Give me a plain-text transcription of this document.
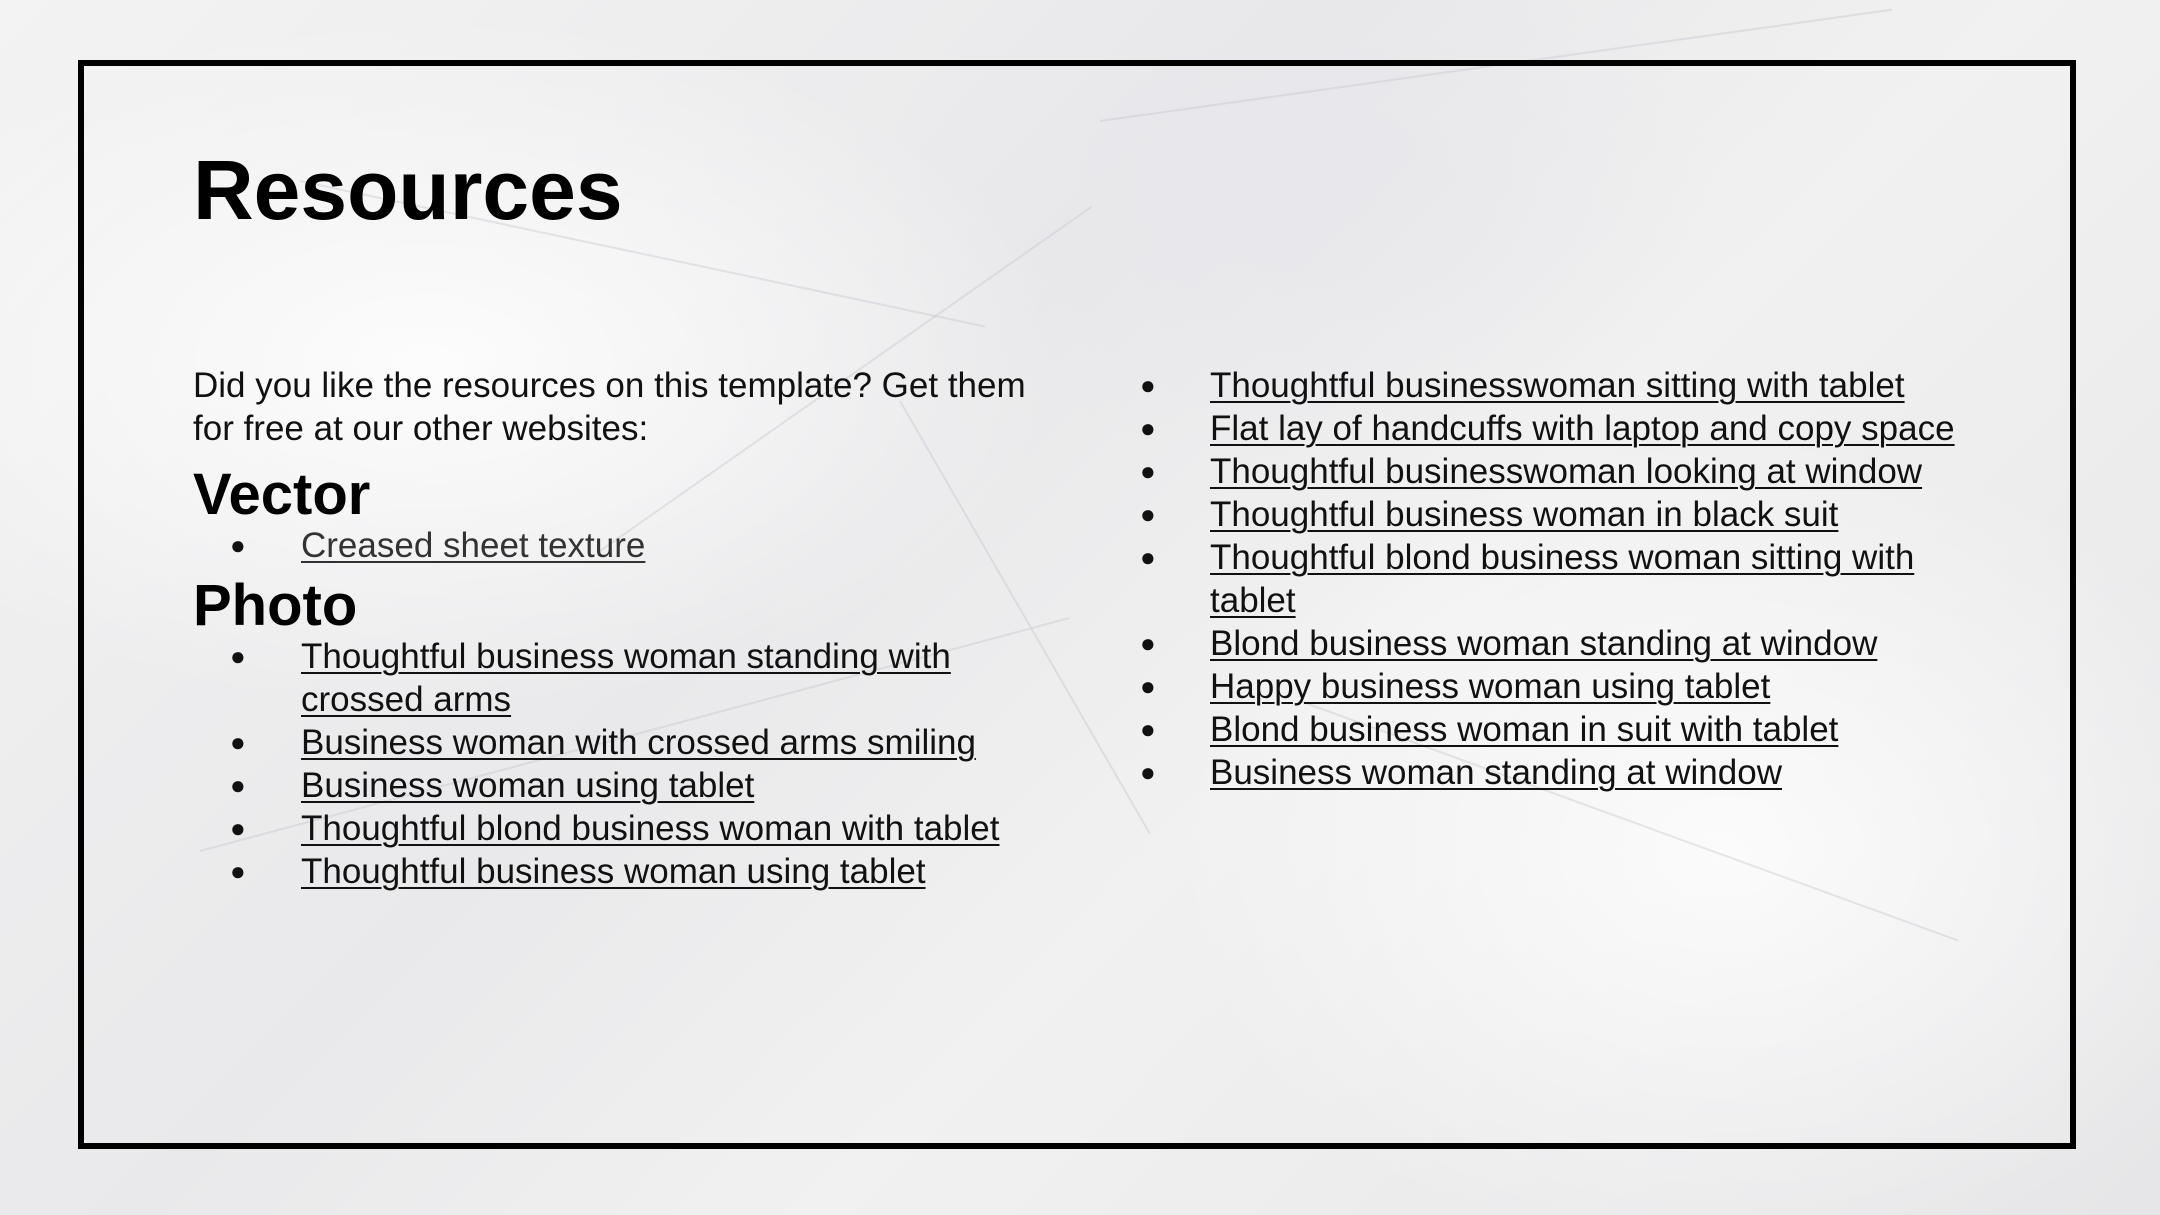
Resources

Did you like the resources on this template? Get them for free at our other websites:

Vector
● Creased sheet texture
Photo
● Thoughtful business woman standing with crossed arms
● Business woman with crossed arms smiling
● Business woman using tablet
● Thoughtful blond business woman with tablet
● Thoughtful business woman using tablet
● Thoughtful businesswoman sitting with tablet
● Flat lay of handcuffs with laptop and copy space
● Thoughtful businesswoman looking at window
● Thoughtful business woman in black suit
● Thoughtful blond business woman sitting with tablet
● Blond business woman standing at window
● Happy business woman using tablet
● Blond business woman in suit with tablet
● Business woman standing at window
